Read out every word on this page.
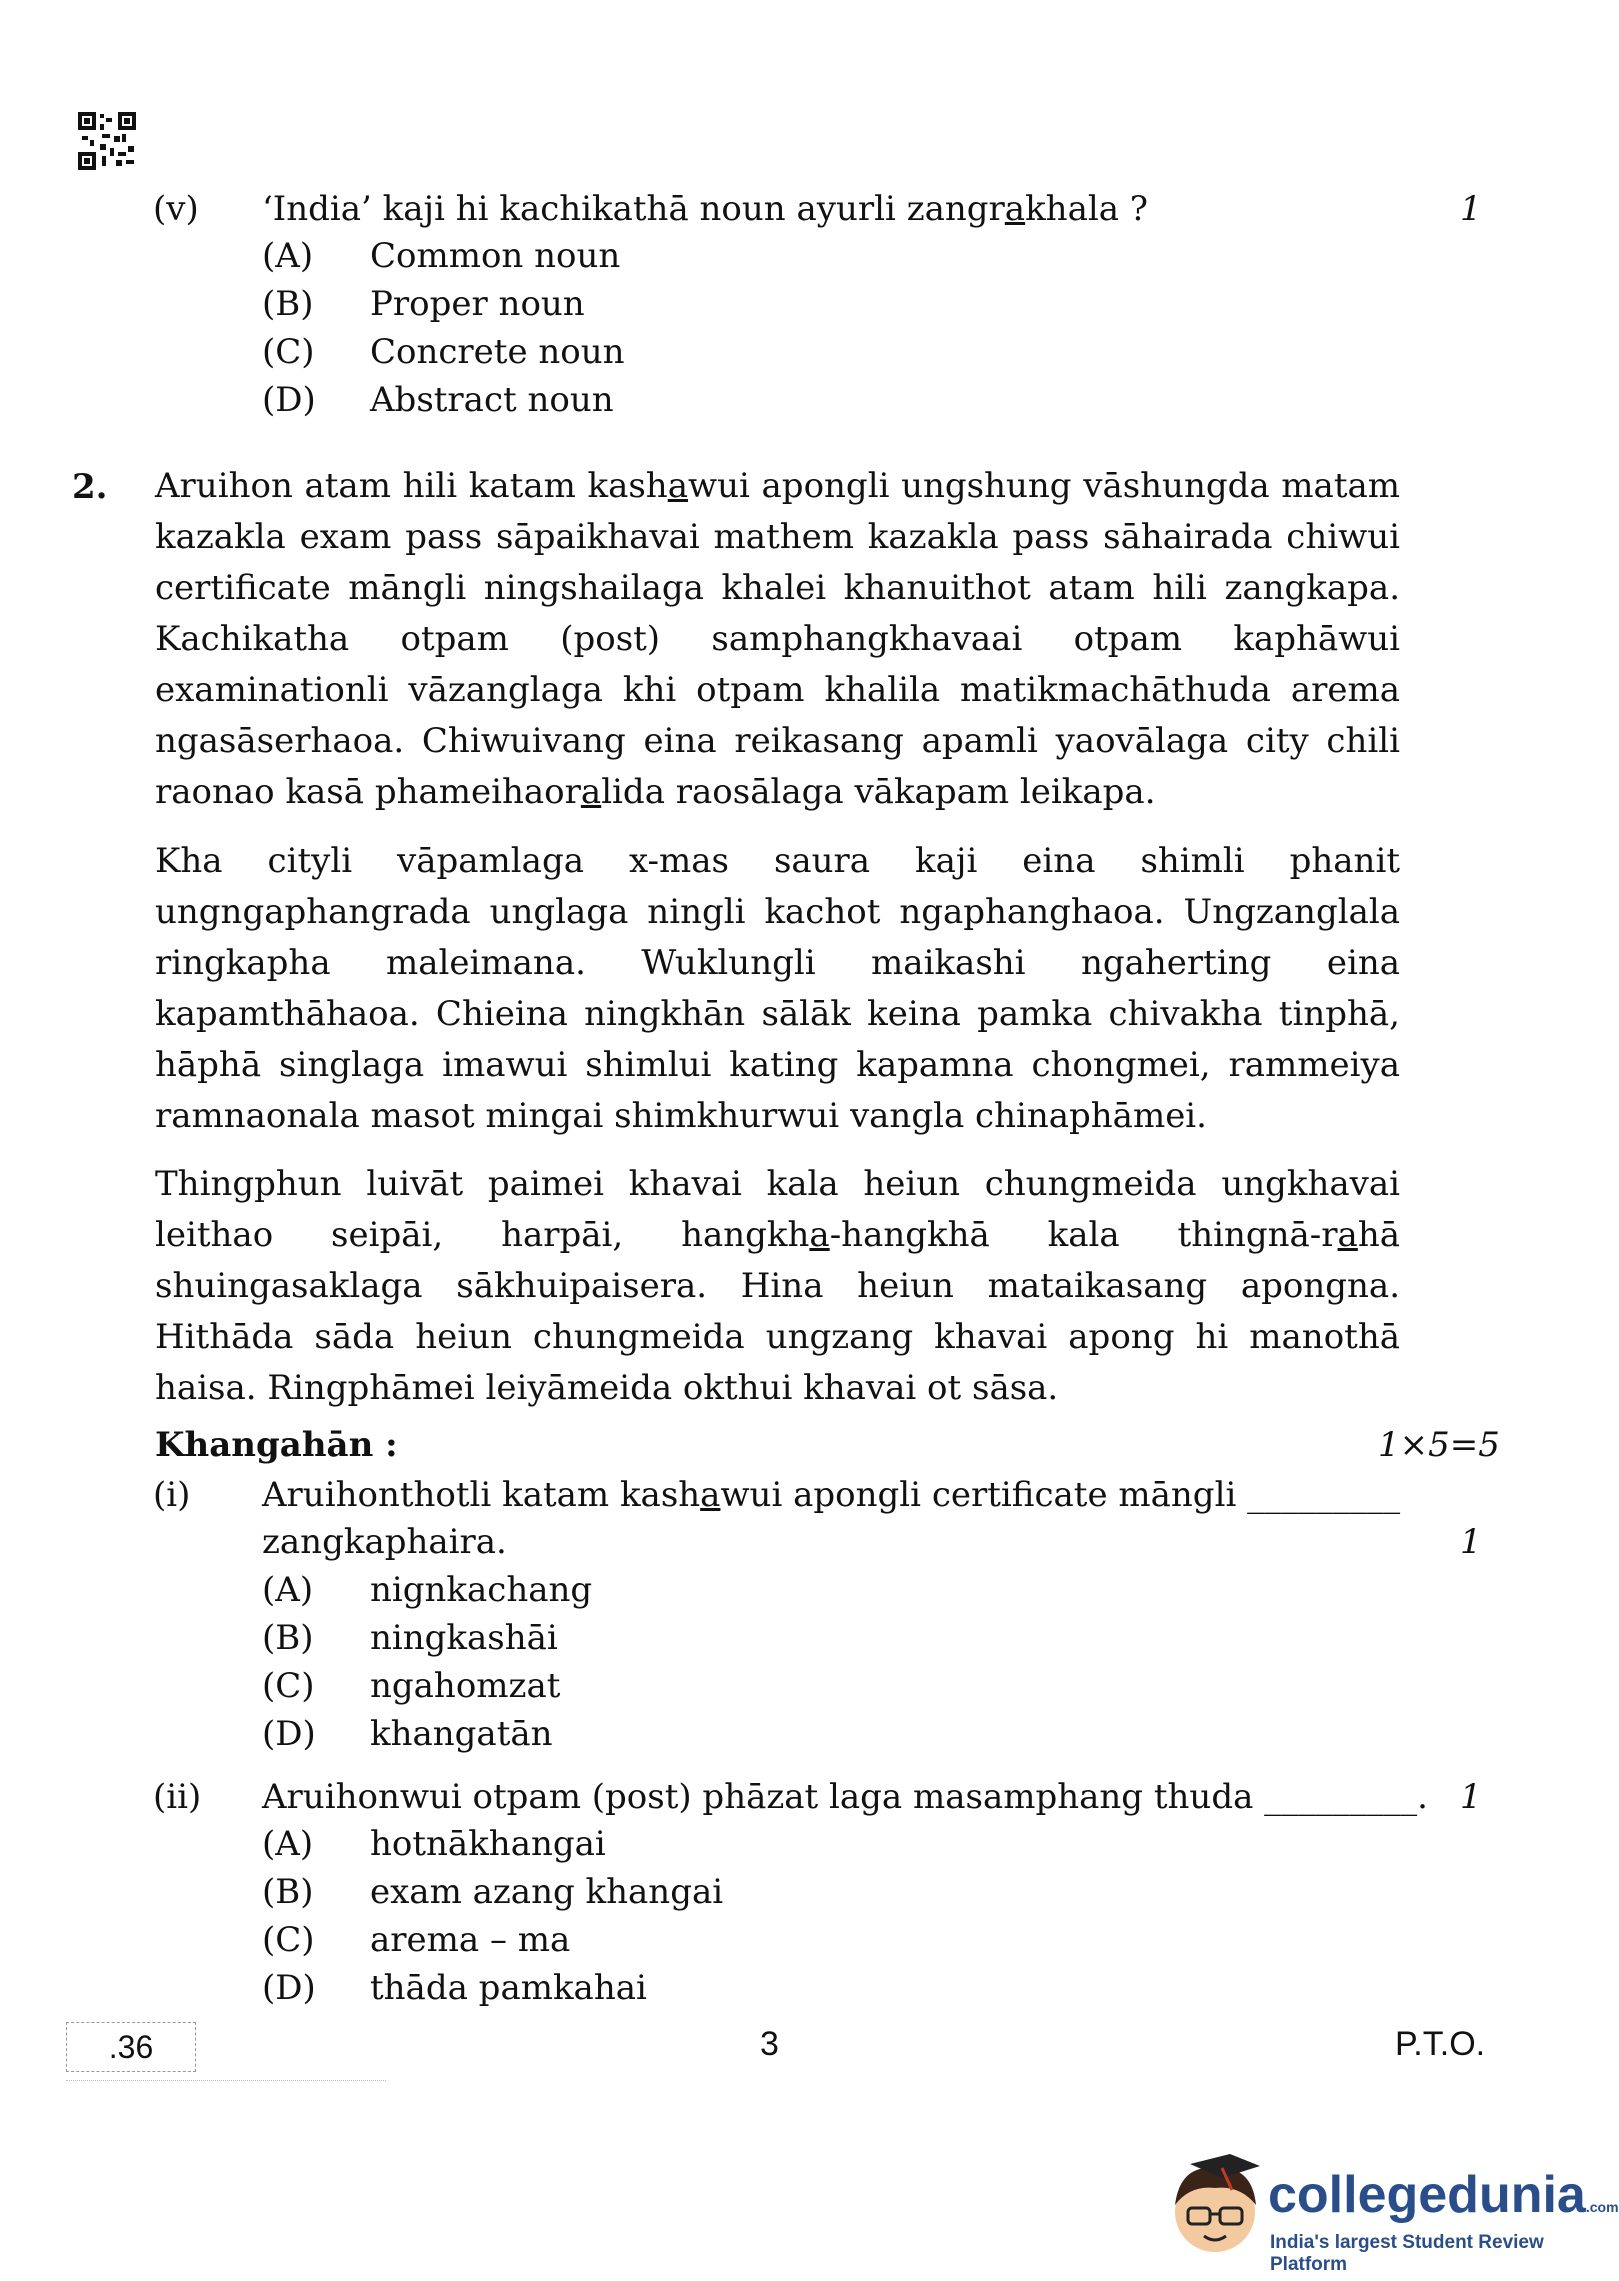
(v) ‘India’ kaji hi kachikathā noun ayurli zangrakhala ?	1
(A) Common noun
(B) Proper noun
(C) Concrete noun
(D) Abstract noun
2. Aruihon atam hili katam kashawui apongli ungshung vāshungda matam kazakla exam pass sāpaikhavai mathem kazakla pass sāhairada chiwui certificate māngli ningshailaga khalei khanuithot atam hili zangkapa. Kachikatha otpam (post) samphangkhavaai otpam kaphāwui examinationli vāzanglaga khi otpam khalila matikmachāthuda arema ngasāserhaoa. Chiwuivang eina reikasang apamli yaovālaga city chili raonao kasā phameihaoralida raosālaga vākapam leikapa.
Kha cityli vāpamlaga x-mas saura kaji eina shimli phanit ungngaphangrada unglaga ningli kachot ngaphanghaoa. Ungzanglala ringkapha maleimana. Wuklungli maikashi ngaherting eina kapamthāhaoa. Chieina ningkhān sālāk keina pamka chivakha tinphā, hāphā singlaga imawui shimlui kating kapamna chongmei, rammeiya ramnaonala masot mingai shimkhurwui vangla chinaphāmei.
Thingphun luivāt paimei khavai kala heiun chungmeida ungkhavai leithao seipāi, harpāi, hangkha-hangkhā kala thingnā-rahā shuingasaklaga sākhuipaisera. Hina heiun mataikasang apongna. Hithāda sāda heiun chungmeida ungzang khavai apong hi manothā haisa. Ringphāmei leiyāmeida okthui khavai ot sāsa.
Khangahān :	1×5=5
(i) Aruihonthotli katam kashawui apongli certificate māngli _________
zangkaphaira.	1
(A) nignkachang
(B) ningkashāi
(C) ngahomzat
(D) khangatān
(ii) Aruihonwui otpam (post) phāzat laga masamphang thuda _________. 1
(A) hotnākhangai
(B) exam azang khangai
(C) arema – ma
(D) thāda pamkahai
.36	3	P.T.O.
collegedunia.com
India's largest Student Review Platform
